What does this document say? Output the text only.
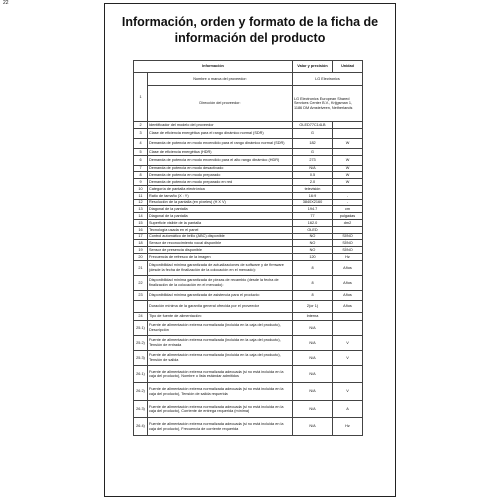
22
Información, orden y formato de la ficha de
información del producto
Información		Valor y precisión	Unidad
1	Nombre o marca del proveedor:	LG Electronics	
	Dirección del proveedor:	LG Electronics European Shared Services Center B.V., Krijgsman 1, 1186 DM Amstelveen, Netherlands	
2	Identificador del modelo del proveedor	OLED77C14LB	
3	Clase de eficiencia energética para el rango dinámico normal (SDR)	G	
4	Demanda de potencia en modo encendido para el rango dinámico normal (SDR)	182	W
5	Clase de eficiencia energética (HDR)	G	
6	Demanda de potencia en modo encendido para el alto rango dinámico (HDR)	273	W
7	Demanda de potencia en modo desactivado	N/A	W
8	Demanda de potencia en modo preparado	0.5	W
9	Demanda de potencia en modo preparado en red	2.0	W
10	Categoría de pantalla electrónica	televisión	
11	Ratio de tamaño (X : Y)	16:9	-
12	Resolución de la pantalla (en píxeles) (H X V)	3840X2160	-
13	Diagonal de la pantalla	194.7	cm
14	Diagonal de la pantalla	77	pulgadas
15	Superficie visible de la pantalla	162.0	dm2
16	Tecnología usada en el panel	OLED	
17	Control automático de brillo (ABC) disponible	NO	SÍ/NO
18	Sensor de reconocimiento vocal disponible	NO	SÍ/NO
19	Sensor de presencia disponible	NO	SÍ/NO
20	Frecuencia de refresco de la imagen	120	Hz
21	Disponibilidad mínima garantizada de actualizaciones de software y de firmware (desde la fecha de finalización de la colocación en el mercado):	8	Años
22	Disponibilidad mínima garantizada de piezas de recambio (desde la fecha de finalización de la colocación en el mercado):	8	Años
23	Disponibilidad mínima garantizada de asistencia para el producto:	8	Años
	Duración mínima de la garantía general ofrecida por el proveedor	2(or 1)	Años
24	Tipo de fuente de alimentación:	Interna	
25.1)	Fuente de alimentación externa normalizada (incluida en la caja del producto), Descripción	N/A	
25.2)	Fuente de alimentación externa normalizada (incluida en la caja del producto), Tensión de entrada	N/A	V
25.3)	Fuente de alimentación externa normalizada (incluida en la caja del producto), Tensión de salida	N/A	V
26.1)	Fuente de alimentación externa normalizada adecuada (si no está incluida en la caja del producto), Nombre o lista estándar admitidos	N/A	
26.2)	Fuente de alimentación externa normalizada adecuada (si no está incluida en la caja del producto), Tensión de salida requerida	N/A	V
26.3)	Fuente de alimentación externa normalizada adecuada (si no está incluida en la caja del producto), Corriente de entrega requerida (mínima)	N/A	A
26.4)	Fuente de alimentación externa normalizada adecuada (si no está incluida en la caja del producto), Frecuencia de corriente requerida	N/A	Hz
